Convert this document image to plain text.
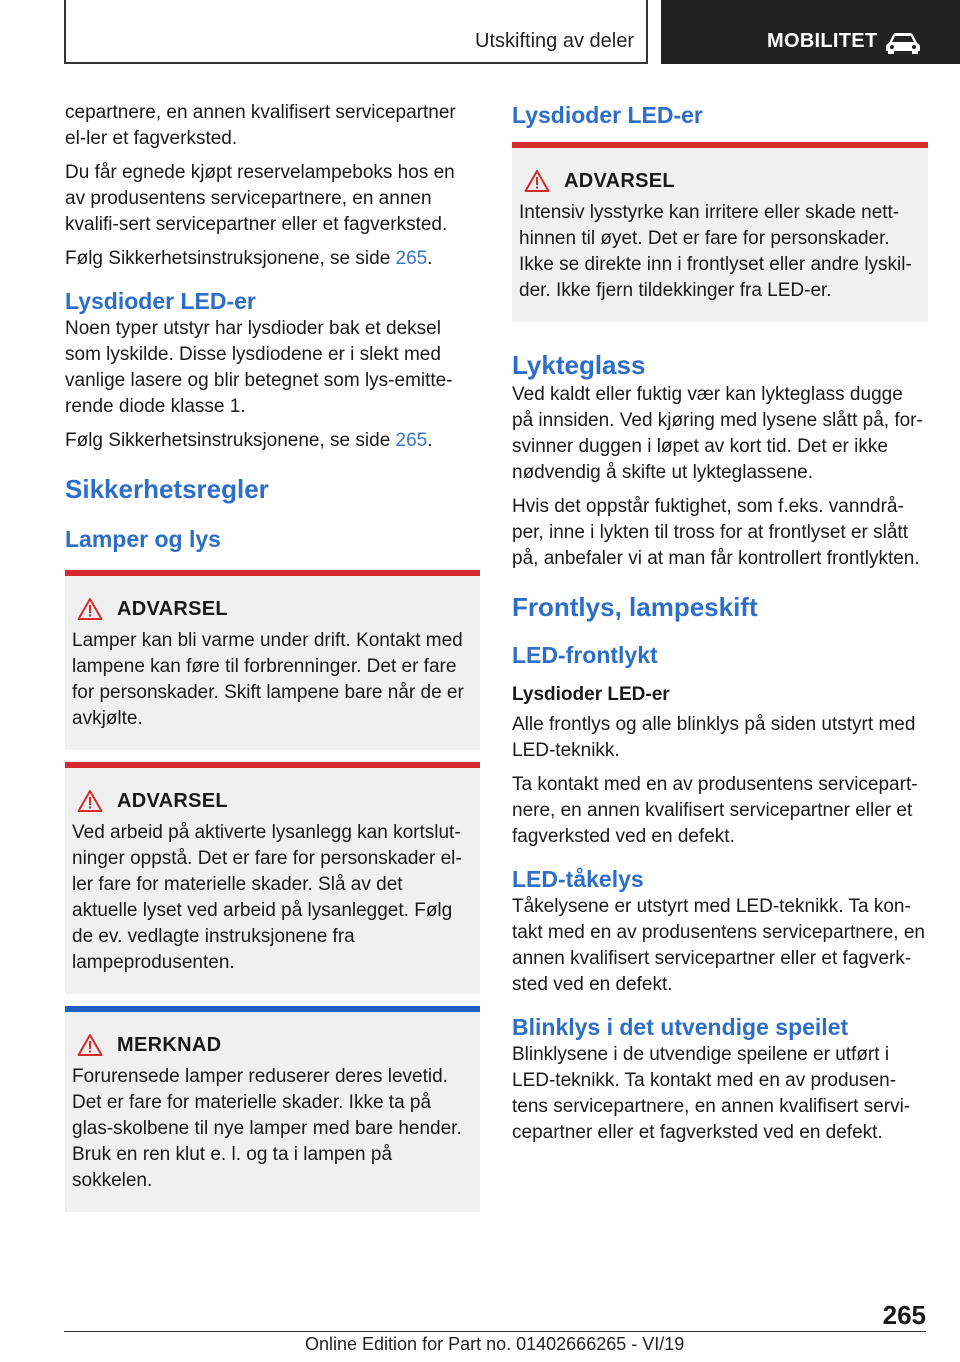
Utskifting av deler	MOBILITET

cepartnere, en annen kvalifisert servicepartner el-ler et fagverksted.

Du får egnede kjøpt reservelampeboks hos en av produsentens servicepartnere, en annen kvalifi-sert servicepartner eller et fagverksted.

Følg Sikkerhetsinstruksjonene, se side 265.

Lysdioder LED-er

Noen typer utstyr har lysdioder bak et deksel som lyskilde. Disse lysdiodene er i slekt med vanlige lasere og blir betegnet som lys-emitte-rende diode klasse 1.

Følg Sikkerhetsinstruksjonene, se side 265.

Sikkerhetsregler
Lamper og lys
ADVARSEL

Lamper kan bli varme under drift. Kontakt med lampene kan føre til forbrenninger. Det er fare for personskader. Skift lampene bare når de er avkjølte.

ADVARSEL

Ved arbeid på aktiverte lysanlegg kan kortslut-ninger oppstå. Det er fare for personskader el-ler fare for materielle skader. Slå av det aktuelle lyset ved arbeid på lysanlegget. Følg de ev. vedlagte instruksjonene fra lampeprodusenten.

MERKNAD

Forurensede lamper reduserer deres levetid. Det er fare for materielle skader. Ikke ta på glas-skolbene til nye lamper med bare hender. Bruk en ren klut e. l. og ta i lampen på sokkelen.

Lysdioder LED-er
ADVARSEL

Intensiv lysstyrke kan irritere eller skade nett-hinnen til øyet. Det er fare for personskader. Ikke se direkte inn i frontlyset eller andre lyskil-der. Ikke fjern tildekkinger fra LED-er.

Lykteglass

Ved kaldt eller fuktig vær kan lykteglass dugge på innsiden. Ved kjøring med lysene slått på, for-svinner duggen i løpet av kort tid. Det er ikke nødvendig å skifte ut lykteglassene.

Hvis det oppstår fuktighet, som f.eks. vanndrå-per, inne i lykten til tross for at frontlyset er slått på, anbefaler vi at man får kontrollert frontlykten.

Frontlys, lampeskift
LED-frontlykt

Lysdioder LED-er

Alle frontlys og alle blinklys på siden utstyrt med LED-teknikk.

Ta kontakt med en av produsentens servicepart-nere, en annen kvalifisert servicepartner eller et fagverksted ved en defekt.

LED-tåkelys

Tåkelysene er utstyrt med LED-teknikk. Ta kon-takt med en av produsentens servicepartnere, en annen kvalifisert servicepartner eller et fagverk-sted ved en defekt.

Blinklys i det utvendige speilet

Blinklysene i de utvendige speilene er utført i LED-teknikk. Ta kontakt med en av produsen-tens servicepartnere, en annen kvalifisert servi-cepartner eller et fagverksted ved en defekt.

265
Online Edition for Part no. 01402666265 - VI/19
